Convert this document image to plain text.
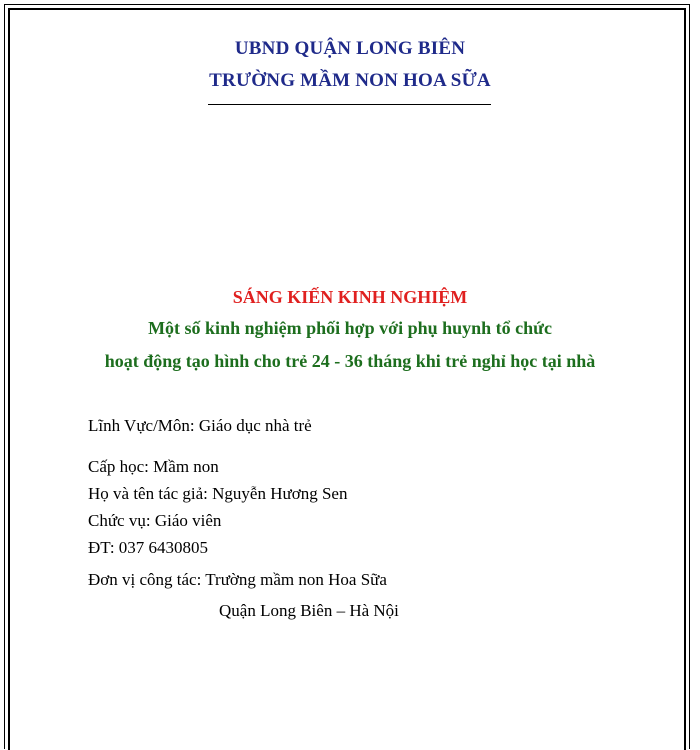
UBND QUẬN LONG BIÊN
TRƯỜNG MẦM NON HOA SỮA
SÁNG KIẾN KINH NGHIỆM
Một số kinh nghiệm phối hợp với phụ huynh tổ chức
hoạt động tạo hình cho trẻ 24 - 36 tháng khi trẻ nghỉ học tại nhà
Lĩnh Vực/Môn: Giáo dục nhà trẻ
Cấp học: Mầm non
Họ và tên tác giả: Nguyễn Hương Sen
Chức vụ: Giáo viên
ĐT: 037 6430805
Đơn vị công tác: Trường mầm non Hoa Sữa
Quận Long Biên – Hà Nội
